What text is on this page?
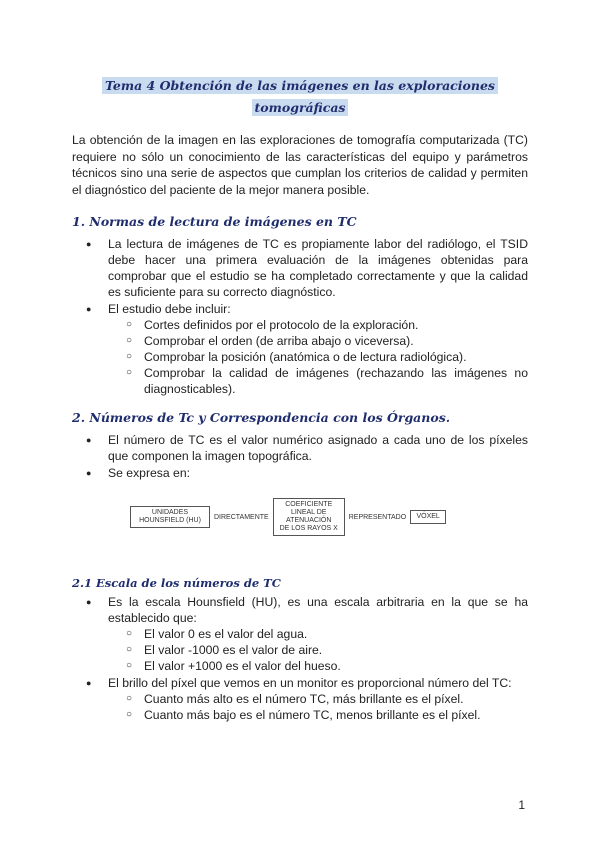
Tema 4 Obtención de las imágenes en las exploraciones
tomográficas
La obtención de la imagen en las exploraciones de tomografía computarizada (TC) requiere no sólo un conocimiento de las características del equipo y parámetros técnicos sino una serie de aspectos que cumplan los criterios de calidad y permiten el diagnóstico del paciente de la mejor manera posible.
1. Normas de lectura de imágenes en TC
● La lectura de imágenes de TC es propiamente labor del radiólogo, el TSID debe hacer una primera evaluación de la imágenes obtenidas para comprobar que el estudio se ha completado correctamente y que la calidad es suficiente para su correcto diagnóstico.
● El estudio debe incluir:
○ Cortes definidos por el protocolo de la exploración.
○ Comprobar el orden (de arriba abajo o viceversa).
○ Comprobar la posición (anatómica o de lectura radiológica).
○ Comprobar la calidad de imágenes (rechazando las imágenes no diagnosticables).
2. Números de Tc y Correspondencia con los Órganos.
● El número de TC es el valor numérico asignado a cada uno de los píxeles que componen la imagen topográfica.
● Se expresa en:
UNIDADES
HOUNSFIELD (HU)	DIRECTAMENTE
COEFICIENTE
LINEAL DE
ATENUACIÓN
DE LOS RAYOS X
REPRESENTADO	VÓXEL
2.1 Escala de los números de TC
● Es la escala Hounsfield (HU), es una escala arbitraria en la que se ha establecido que:
○ El valor 0 es el valor del agua.
○ El valor -1000 es el valor de aire.
○ El valor +1000 es el valor del hueso.
● El brillo del píxel que vemos en un monitor es proporcional número del TC:
○ Cuanto más alto es el número TC, más brillante es el píxel.
○ Cuanto más bajo es el número TC, menos brillante es el píxel.
1
